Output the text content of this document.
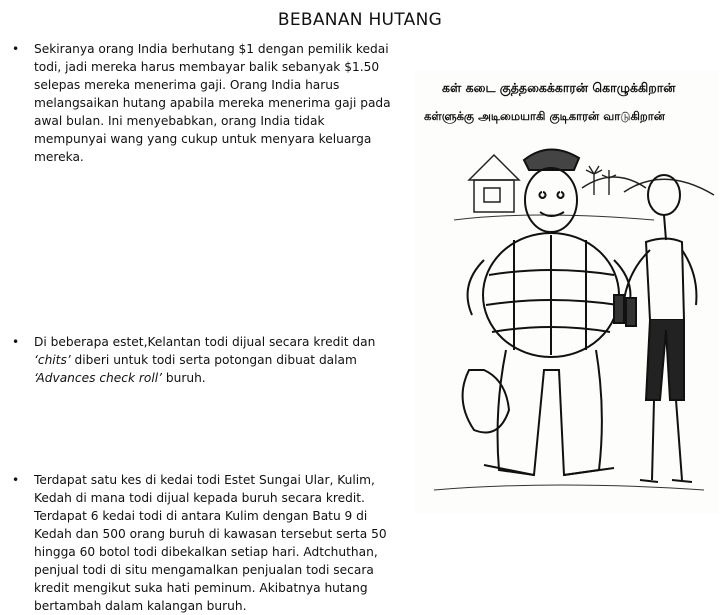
BEBANAN HUTANG
• Sekiranya orang India berhutang $1 dengan pemilik kedai todi, jadi mereka harus membayar balik sebanyak $1.50 selepas mereka menerima gaji. Orang India harus melangsaikan hutang apabila mereka menerima gaji pada awal bulan. Ini menyebabkan, orang India tidak mempunyai wang yang cukup untuk menyara keluarga mereka.
• Di beberapa estet,Kelantan todi dijual secara kredit dan ‘chits’ diberi untuk todi serta potongan dibuat dalam ‘Advances check roll’ buruh.
• Terdapat satu kes di kedai todi Estet Sungai Ular, Kulim, Kedah di mana todi dijual kepada buruh secara kredit. Terdapat 6 kedai todi di antara Kulim dengan Batu 9 di Kedah dan 500 orang buruh di kawasan tersebut serta 50 hingga 60 botol todi dibekalkan setiap hari. Adtchuthan, penjual todi di situ mengamalkan penjualan todi secara kredit mengikut suka hati peminum. Akibatnya hutang bertambah dalam kalangan buruh.
கள் கடை குத்தகைக்காரன் கொழுக்கிறான்
கள்ளுக்கு அடிமையாகி குடிகாரன் வாடுகிறான்
